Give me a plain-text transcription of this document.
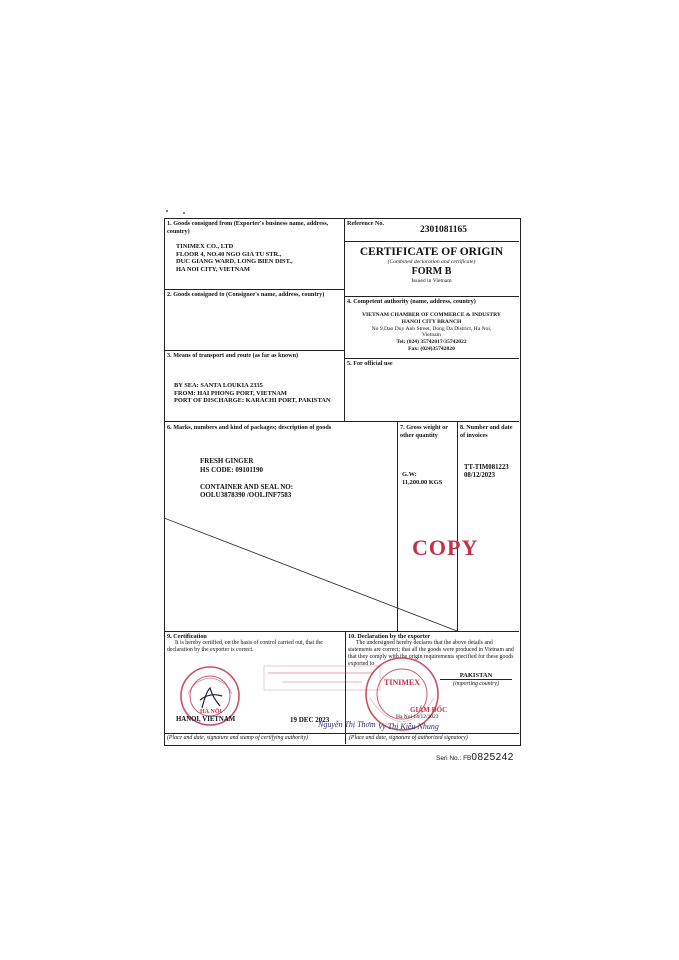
1. Goods consigned from (Exporter's business name, address, country)
TINIMEX CO., LTD
FLOOR 4, NO.40 NGO GIA TU STR.,
DUC GIANG WARD, LONG BIEN DIST.,
HA NOI CITY, VIETNAM
Reference No.
2301081165
CERTIFICATE OF ORIGIN
(Combined declaration and certificate)
FORM B
Issued in Vietnam
2. Goods consigned to (Consignee's name, address, country)
4. Competent authority (name, address, country)
VIETNAM CHAMBER OF COMMERCE & INDUSTRY
HANOI CITY BRANCH
No 9,Dao Duy Anh Street, Dong Da District, Ha Noi,
Vietnam
Tel: (024) 35742017/35742022
Fax: (024)35742020
3. Means of transport and route (as far as known)
BY SEA: SANTA LOUKIA 2335
FROM: HAI PHONG PORT, VIETNAM
PORT OF DISCHARGE: KARACHI PORT, PAKISTAN
5. For official use
6. Marks, numbers and kind of packages; description of goods
FRESH GINGER
HS CODE: 09101190
CONTAINER AND SEAL NO:
OOLU3878390 /OOLJNF7583
7. Gross weight or other quantity
G.W:
11,200.00 KGS
8. Number and date of invoices
TT-TIM081223
08/12/2023
COPY
9. Certification
It is hereby certified, on the basis of control carried out, that the declaration by the exporter is correct.
HÀ NỘI
HANOI, VIETNAM	19 DEC 2023
Nguyễn Thị Thơm
(Place and date, signature and stamp of certifying authority)
10. Declaration by the exporter
The undersigned hereby declares that the above details and statements are correct; that all the goods were produced in Vietnam and that they comply with the origin requirements specified for these goods exported to
PAKISTAN
(importing country)
TINIMEX
GIÁM ĐỐC
Ha Noi 14/12/2023
Vy Thị Kiều Nhung
(Place and date, signature of authorized signatory)
Seri No.: FB0825242
